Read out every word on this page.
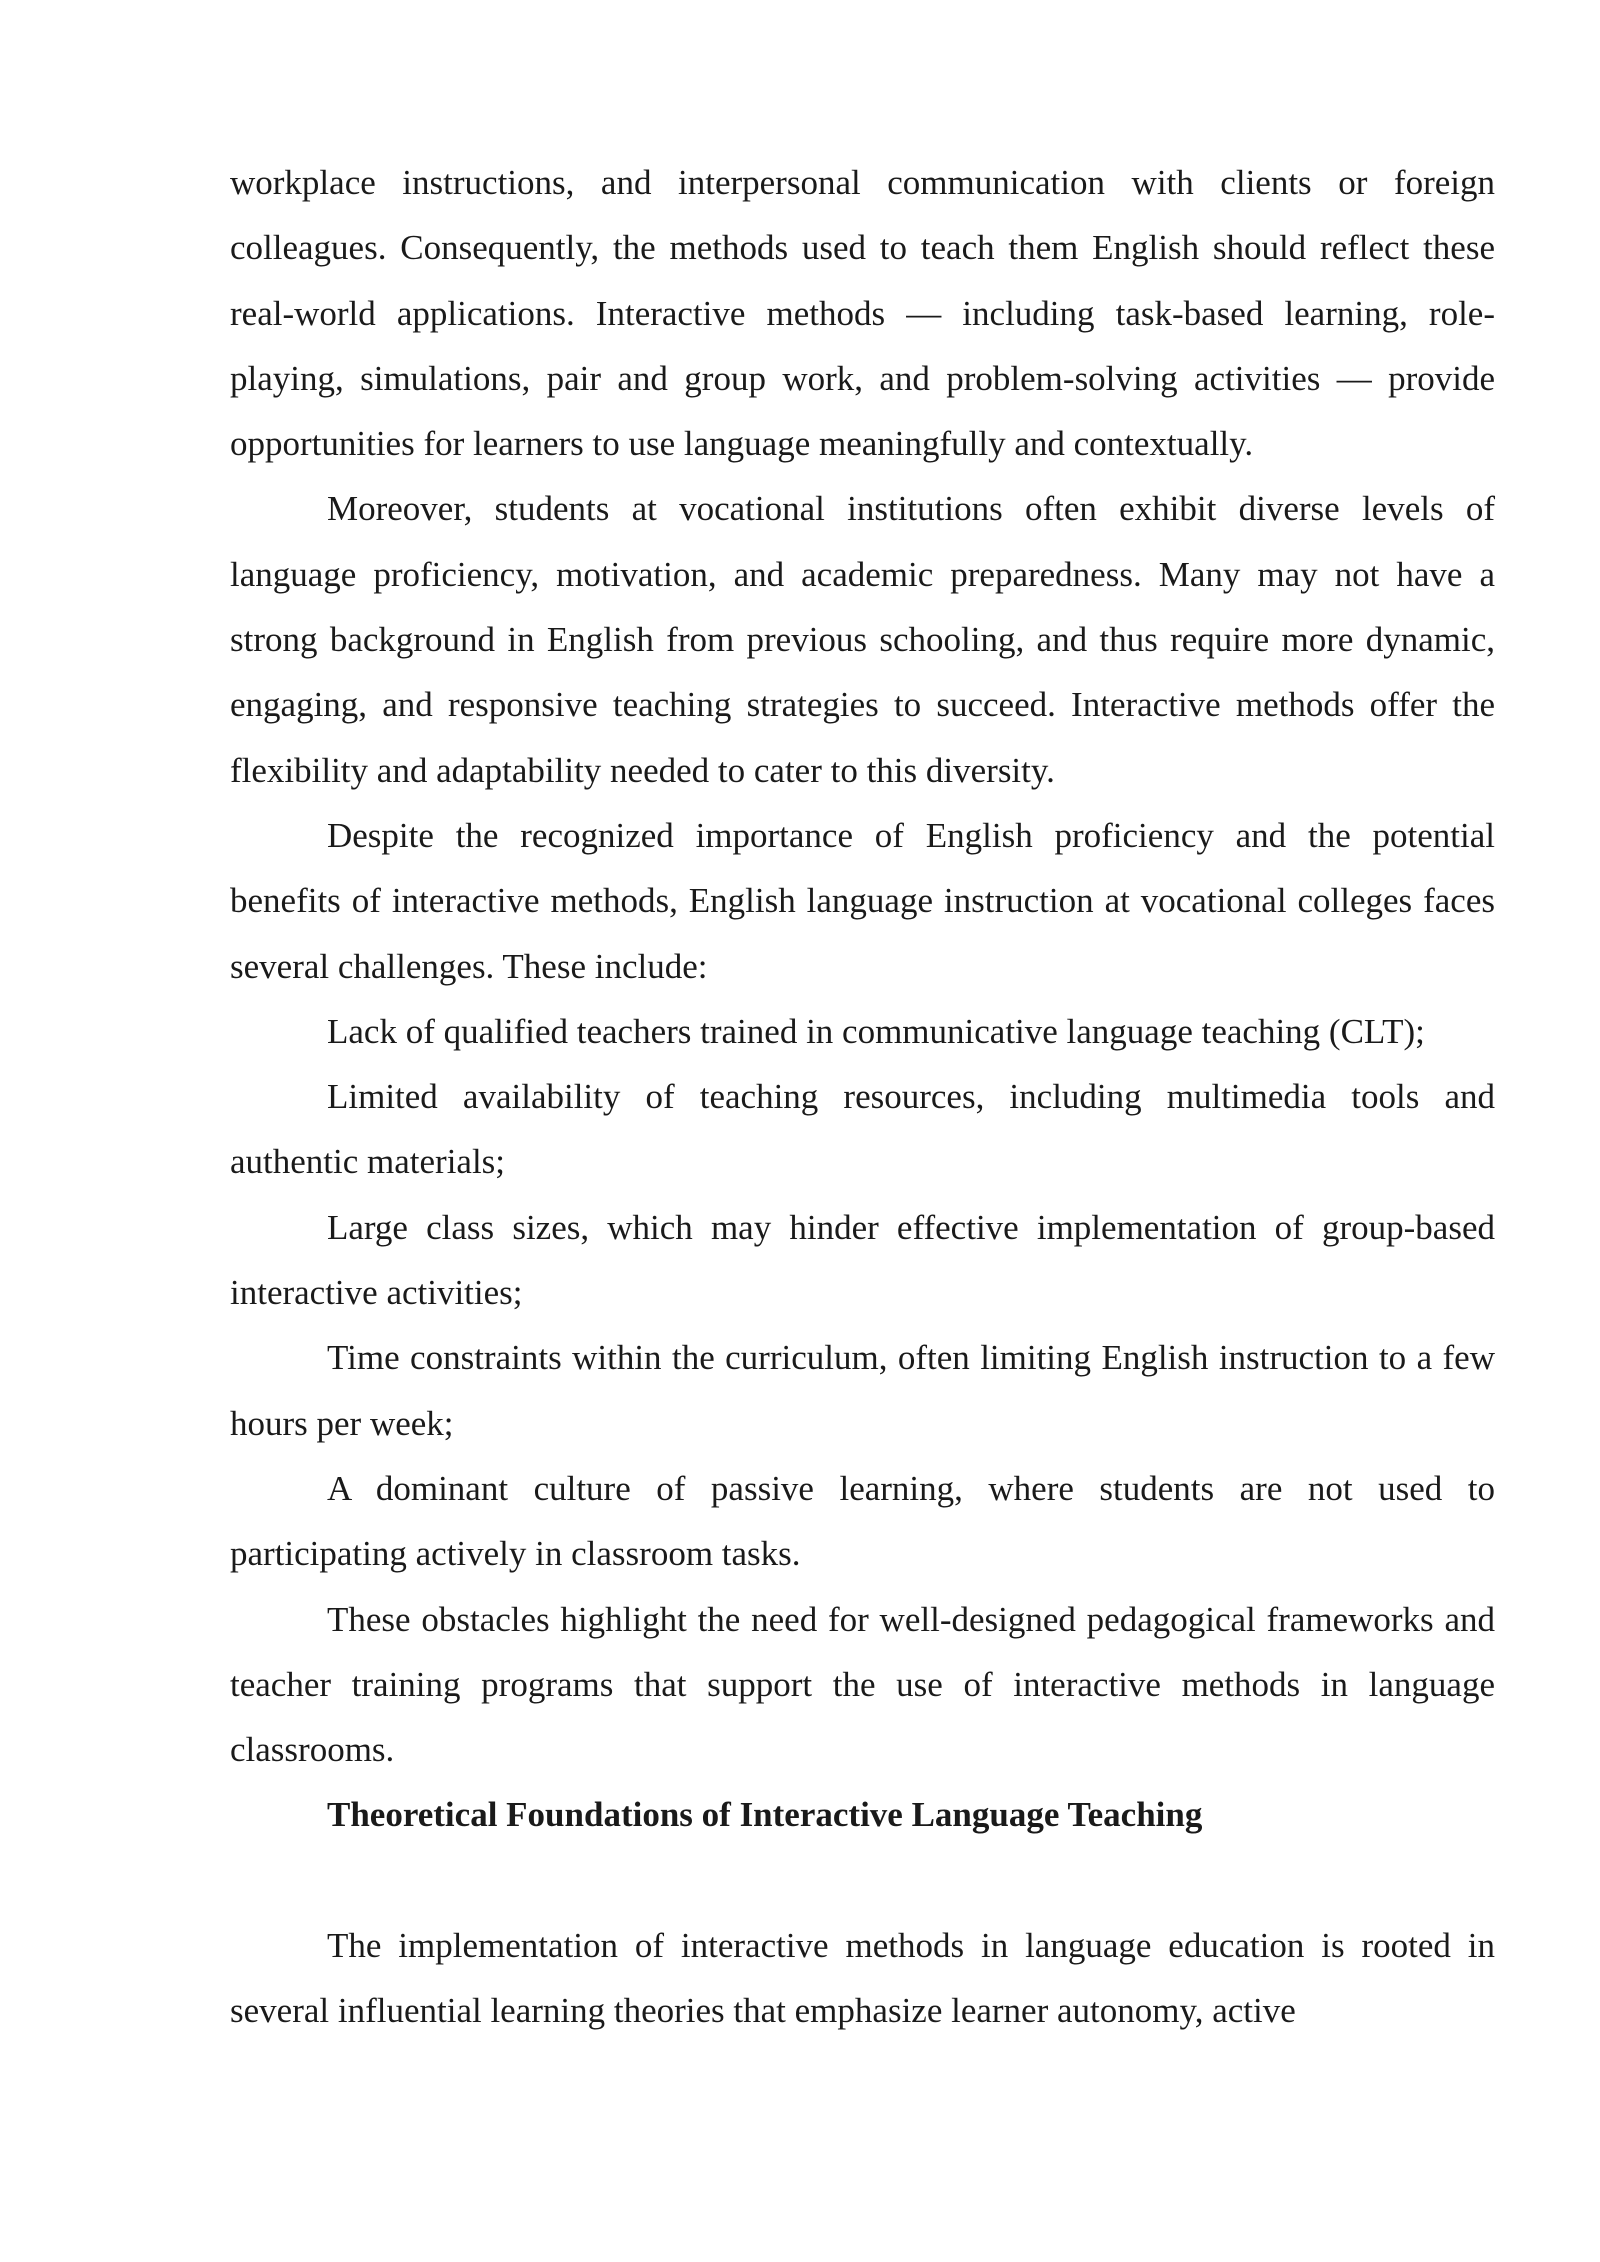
workplace instructions, and interpersonal communication with clients or foreign colleagues. Consequently, the methods used to teach them English should reflect these real-world applications. Interactive methods — including task-based learning, role-playing, simulations, pair and group work, and problem-solving activities — provide opportunities for learners to use language meaningfully and contextually.

Moreover, students at vocational institutions often exhibit diverse levels of language proficiency, motivation, and academic preparedness. Many may not have a strong background in English from previous schooling, and thus require more dynamic, engaging, and responsive teaching strategies to succeed. Interactive methods offer the flexibility and adaptability needed to cater to this diversity.

Despite the recognized importance of English proficiency and the potential benefits of interactive methods, English language instruction at vocational colleges faces several challenges. These include:

Lack of qualified teachers trained in communicative language teaching (CLT);

Limited availability of teaching resources, including multimedia tools and authentic materials;

Large class sizes, which may hinder effective implementation of group-based interactive activities;

Time constraints within the curriculum, often limiting English instruction to a few hours per week;

A dominant culture of passive learning, where students are not used to participating actively in classroom tasks.

These obstacles highlight the need for well-designed pedagogical frameworks and teacher training programs that support the use of interactive methods in language classrooms.

Theoretical Foundations of Interactive Language Teaching

The implementation of interactive methods in language education is rooted in several influential learning theories that emphasize learner autonomy, active
